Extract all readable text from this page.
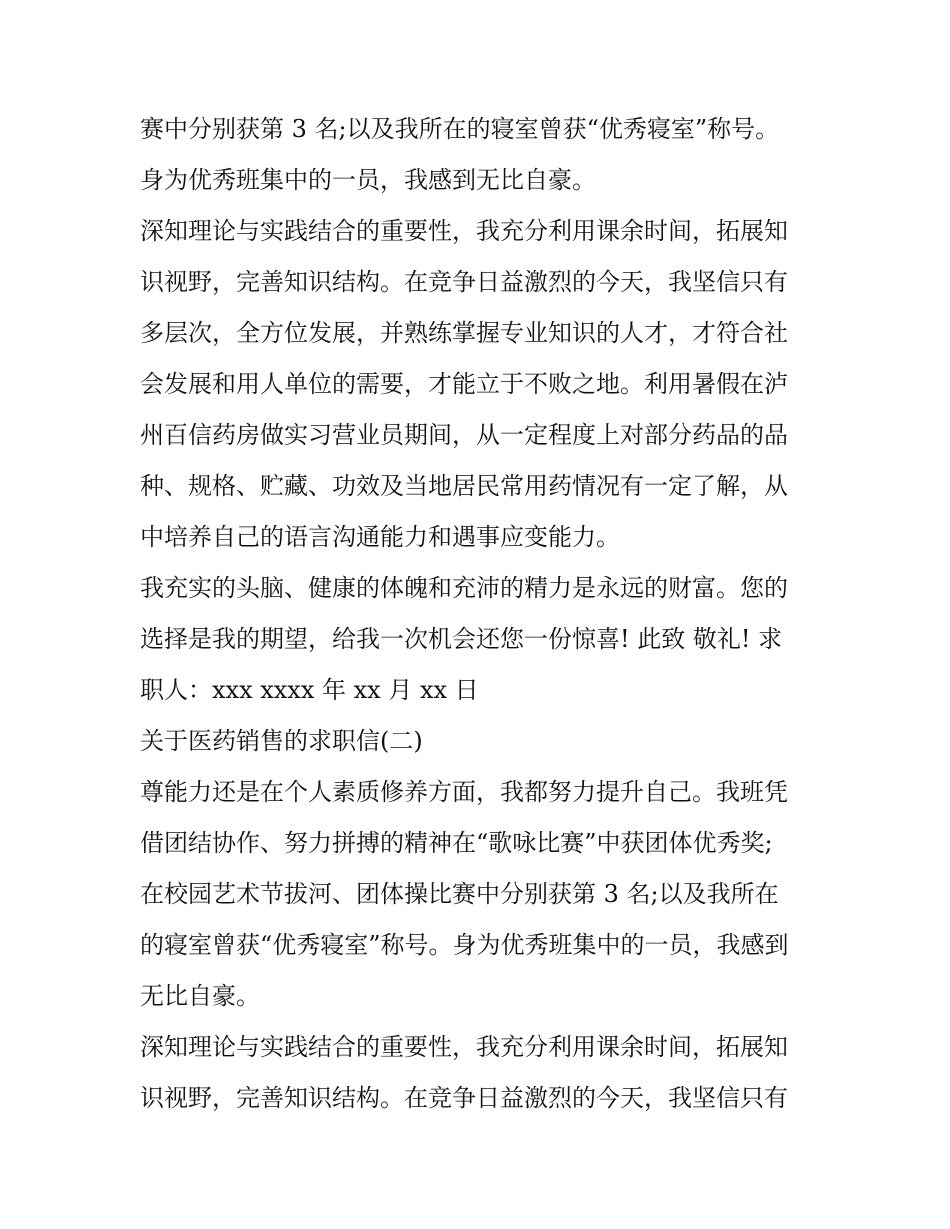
赛中分别获第 3 名;以及我所在的寝室曾获“优秀寝室”称号。
身为优秀班集中的一员，我感到无比自豪。
深知理论与实践结合的重要性，我充分利用课余时间，拓展知
识视野，完善知识结构。在竞争日益激烈的今天，我坚信只有
多层次，全方位发展，并熟练掌握专业知识的人才，才符合社
会发展和用人单位的需要，才能立于不败之地。利用暑假在泸
州百信药房做实习营业员期间，从一定程度上对部分药品的品
种、规格、贮藏、功效及当地居民常用药情况有一定了解，从
中培养自己的语言沟通能力和遇事应变能力。
我充实的头脑、健康的体魄和充沛的精力是永远的财富。您的
选择是我的期望，给我一次机会还您一份惊喜! 此致 敬礼! 求
职人：xxx xxxx 年 xx 月 xx 日
关于医药销售的求职信(二)
尊能力还是在个人素质修养方面，我都努力提升自己。我班凭
借团结协作、努力拼搏的精神在“歌咏比赛”中获团体优秀奖;
在校园艺术节拔河、团体操比赛中分别获第 3 名;以及我所在
的寝室曾获“优秀寝室”称号。身为优秀班集中的一员，我感到
无比自豪。
深知理论与实践结合的重要性，我充分利用课余时间，拓展知
识视野，完善知识结构。在竞争日益激烈的今天，我坚信只有
